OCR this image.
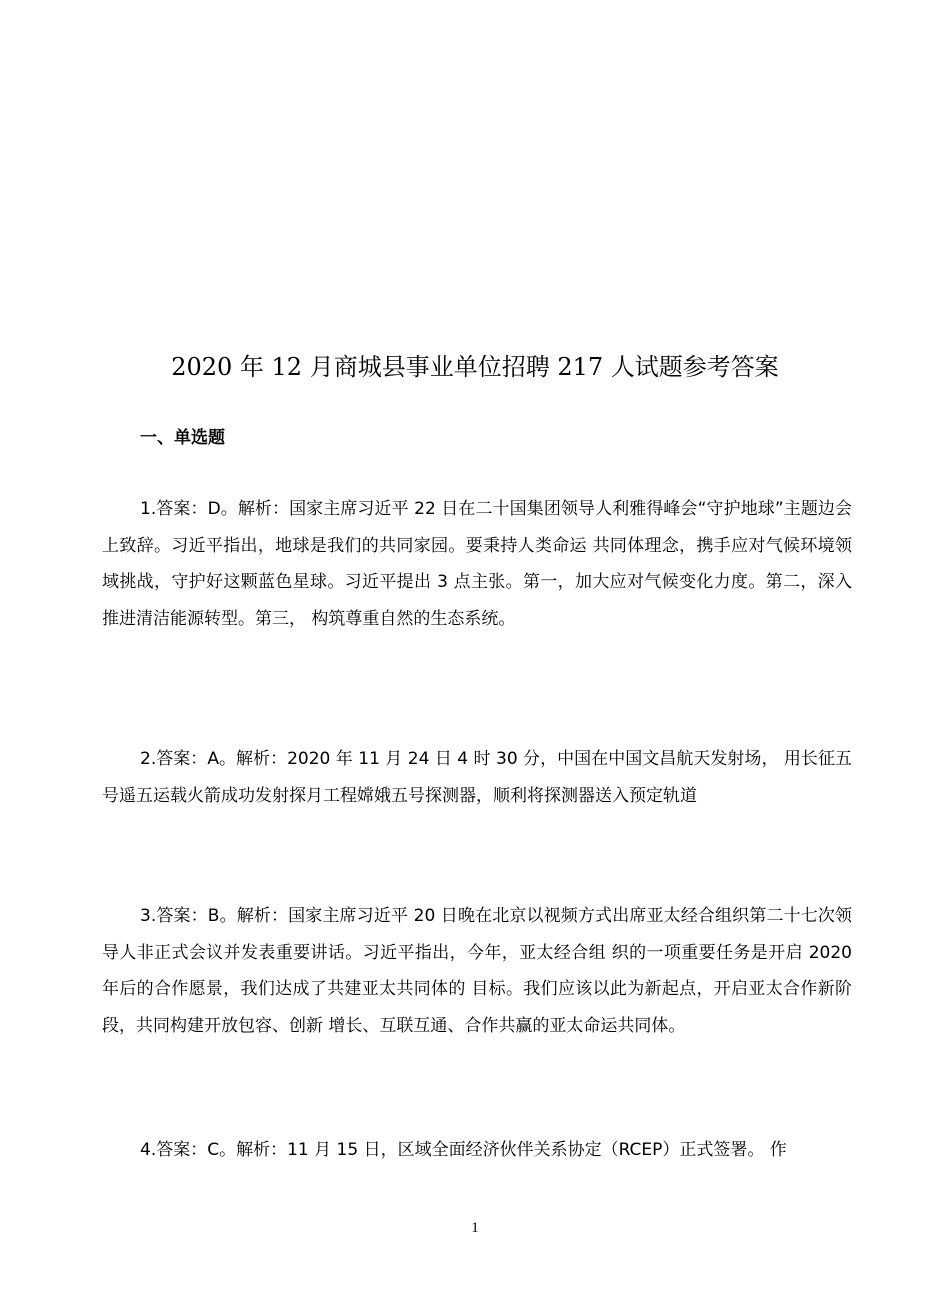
2020 年 12 月商城县事业单位招聘 217 人试题参考答案
一、单选题

1.答案：D。解析：国家主席习近平 22 日在二十国集团领导人利雅得峰会“守护地球”主题边会上致辞。习近平指出，地球是我们的共同家园。要秉持人类命运 共同体理念，携手应对气候环境领域挑战，守护好这颗蓝色星球。习近平提出 3 点主张。第一，加大应对气候变化力度。第二，深入推进清洁能源转型。第三， 构筑尊重自然的生态系统。

2.答案：A。解析：2020 年 11 月 24 日 4 时 30 分，中国在中国文昌航天发射场， 用长征五号遥五运载火箭成功发射探月工程嫦娥五号探测器，顺利将探测器送入预定轨道

3.答案：B。解析：国家主席习近平 20 日晚在北京以视频方式出席亚太经合组织第二十七次领导人非正式会议并发表重要讲话。习近平指出，今年，亚太经合组 织的一项重要任务是开启 2020 年后的合作愿景，我们达成了共建亚太共同体的 目标。我们应该以此为新起点，开启亚太合作新阶段，共同构建开放包容、创新 增长、互联互通、合作共赢的亚太命运共同体。

4.答案：C。解析：11 月 15 日，区域全面经济伙伴关系协定（RCEP）正式签署。 作

1
